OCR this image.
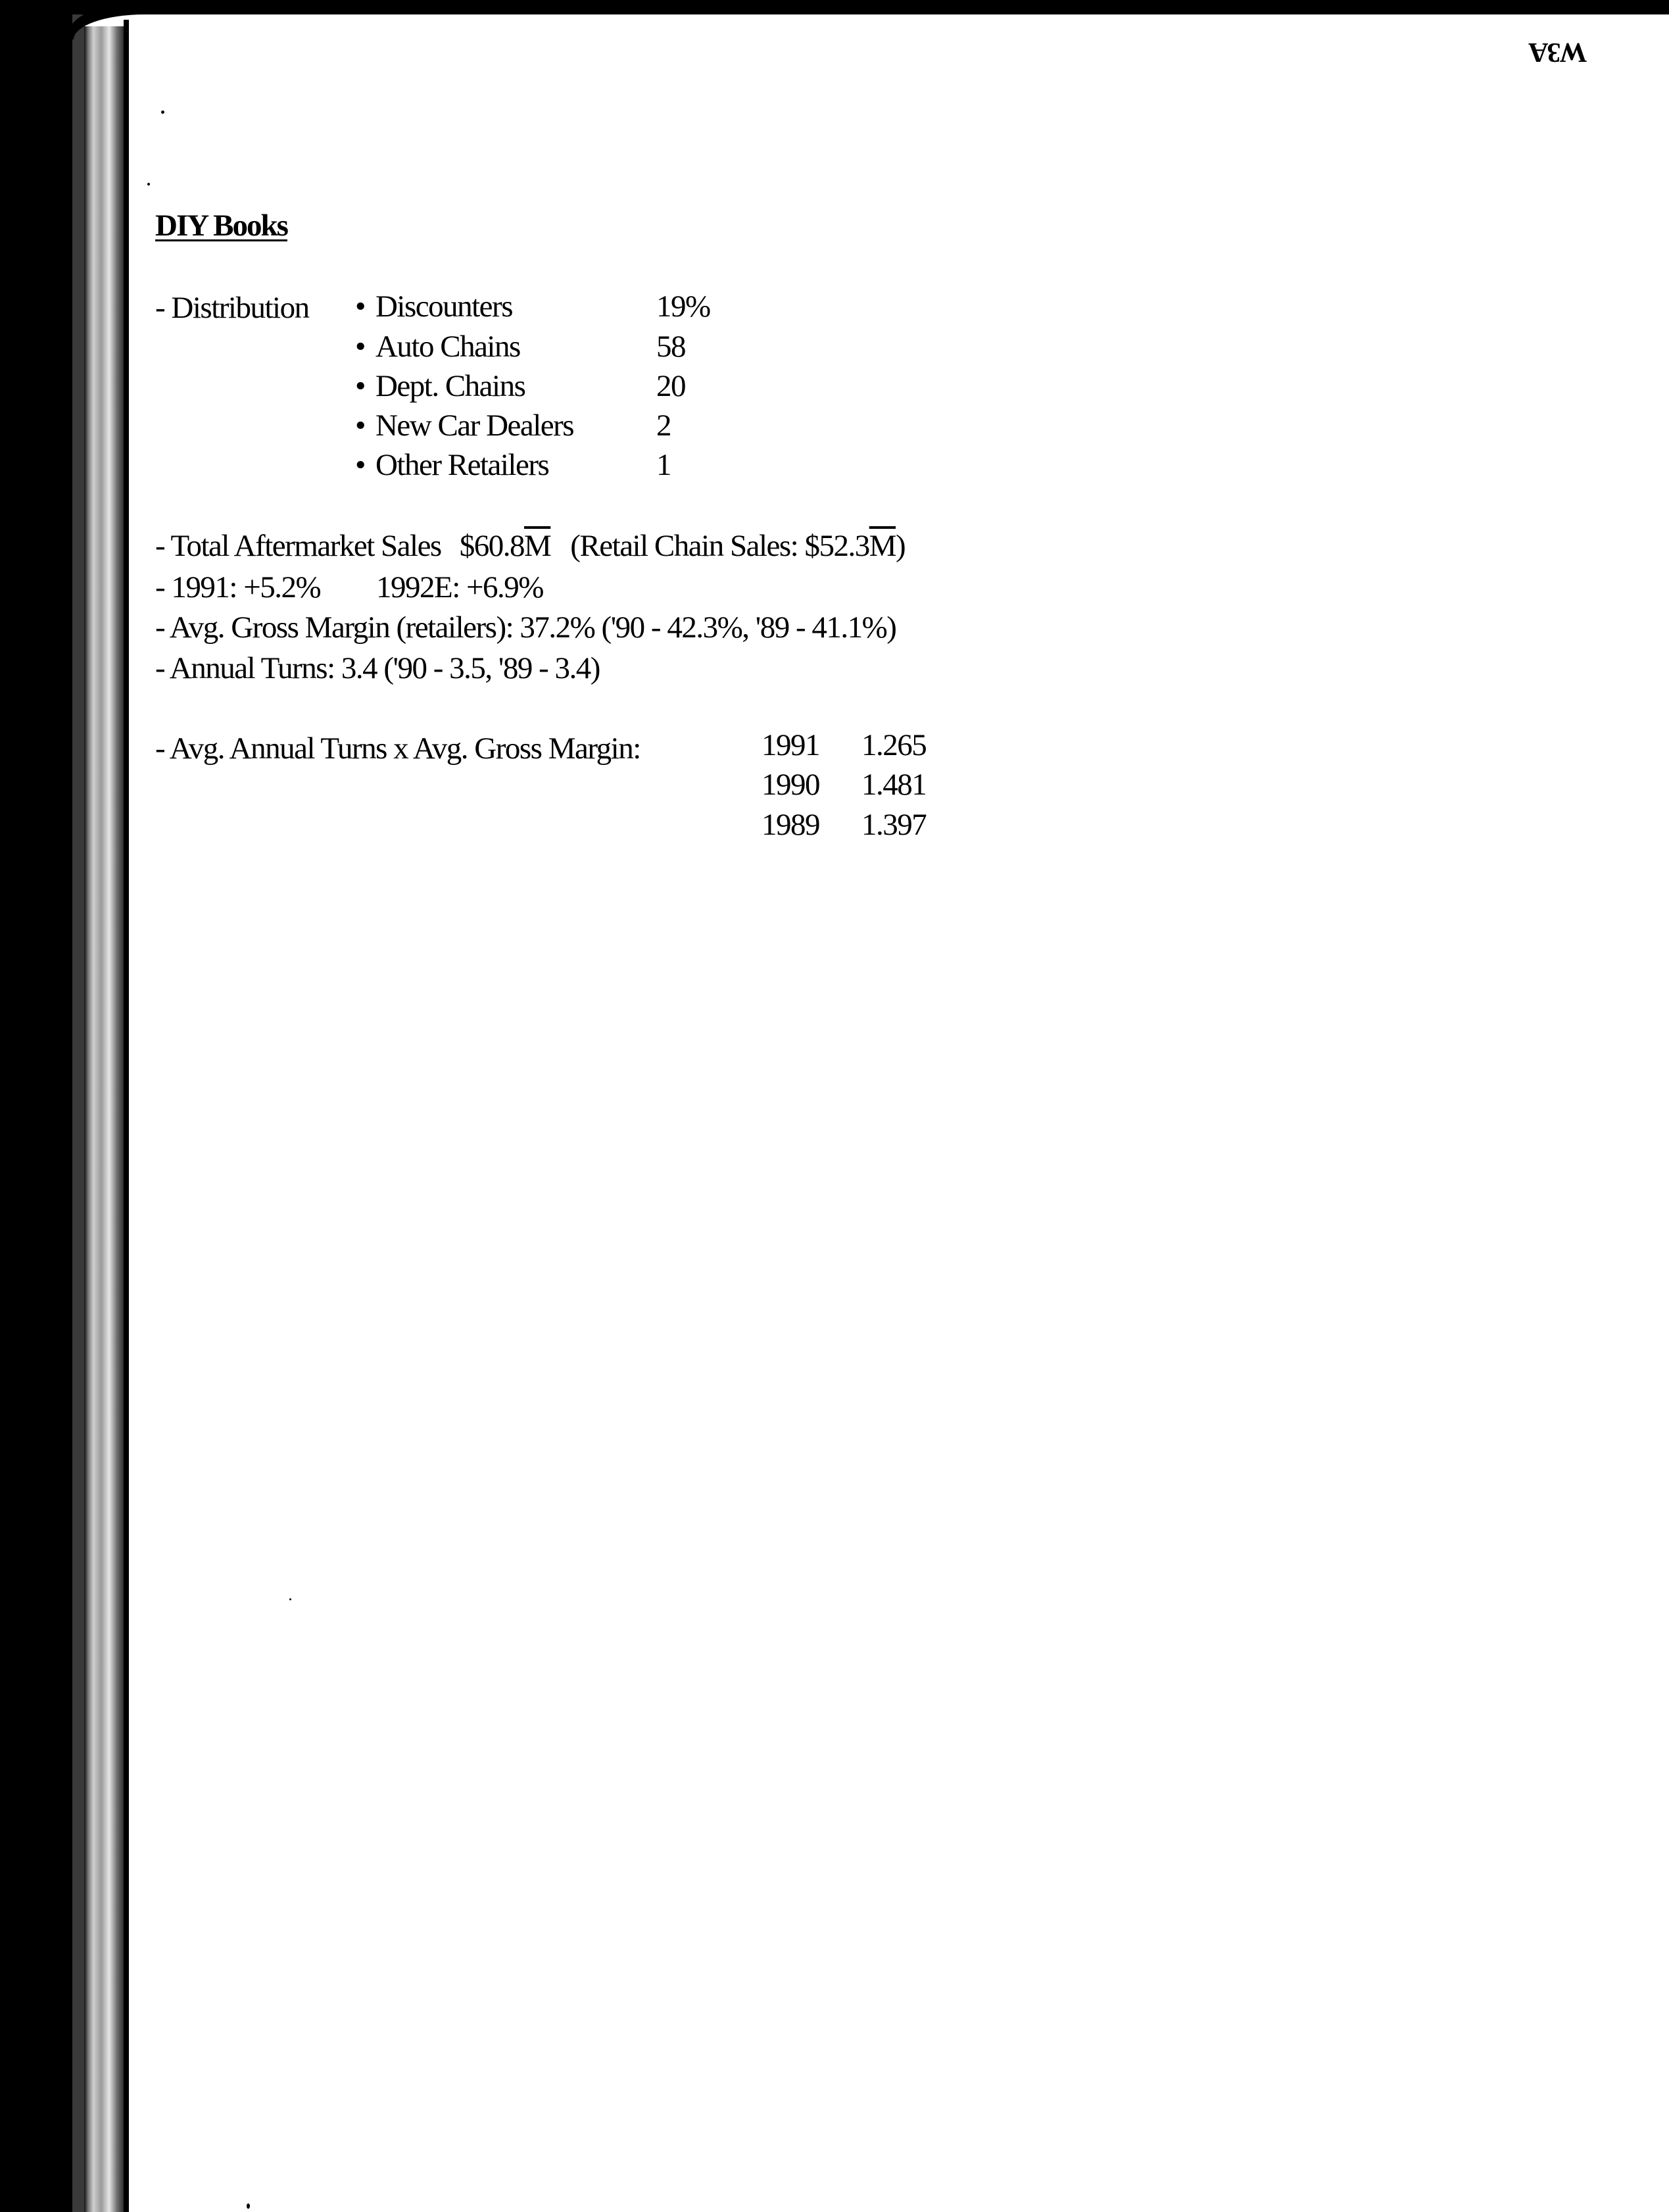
W3A
DIY Books
- Distribution	• Discounters	19%
• Auto Chains	58
• Dept. Chains	20
• New Car Dealers	2
• Other Retailers	1
- Total Aftermarket Sales $\$60.8\overline{M}$ (Retail Chain Sales: $\$52.3\overline{M}$)
- 1991: +5.2% 1992E: +6.9%
- Avg. Gross Margin (retailers): 37.2% ('90 - 42.3%, '89 - 41.1%)
- Annual Turns: 3.4 ('90 - 3.5, '89 - 3.4)
- Avg. Annual Turns x Avg. Gross Margin:	1991 1.265
1990 1.481
1989 1.397
